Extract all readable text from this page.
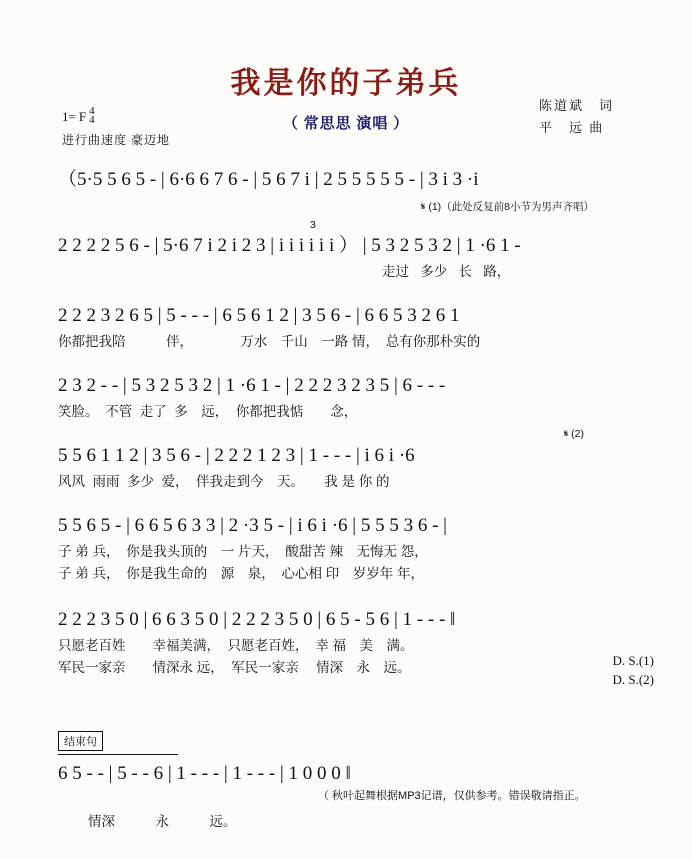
我是你的子弟兵
（ 常思思 演唱 ）
陈道斌　词
平　远 曲
1= F 4
4
进行曲速度 豪迈地
（5·5 5 6 5 - | 6·6 6 7 6 - | 5 6 7 i | 2 5 5 5 5 5 - | 3 i 3 ·i
𝄋 (1)（此处反复前8小节为男声齐唱）
3
2 2 2 2 5 6 - | 5·6 7 i 2 i 2 3 | i i i i i i ） | 5 3 2 5 3 2 | 1 ·6 1 -
　　　　　　　　　　　　　　　　　　　　　　　　走过   多少   长   路，
2 2 2 3 2 6 5 | 5 - - - | 6 5 6 1 2 | 3 5 6 - | 6 6 5 3 2 6 1
你都把我陪　　　伴，　　　　万水　千山　一路 情，　总有你那朴实的
2 3 2 - - | 5 3 2 5 3 2 | 1 ·6 1 - | 2 2 2 3 2 3 5 | 6 - - -
笑脸。　不管  走了  多　远，  你都把我惦　　念，
𝄋 (2)
5 5 6 1 1 2 | 3 5 6 - | 2 2 2 1 2 3 | 1 - - - | i 6 i ·6
风风  雨雨  多少  爱，  伴我走到今　天。　　我 是 你 的
5 5 6 5 - | 6 6 5 6 3 3 | 2 ·3 5 - | i 6 i ·6 | 5 5 5 3 6 - |
子 弟 兵，　你是我头顶的　一 片天，　酸甜苦 辣　无悔无 怨，
子 弟 兵，　你是我生命的　源　泉，　心心相 印　岁岁年 年，
2 2 2 3 5 0 | 6 6 3 5 0 | 2 2 2 3 5 0 | 6 5 - 5 6 | 1 - - - ‖
只愿老百姓　　幸福美满，  只愿老百姓，　幸 福　美　满。
军民一家亲　　情深永 远，  军民一家亲 　情深　永　远。	D. S.(1)
D. S.(2)
结束句
6 5 - - | 5 - - 6 | 1 - - - | 1 - - - | 1 0 0 0 ‖

情深　　　永　　　远。

（ 秋叶起舞根据MP3记谱，仅供参考。错误敬请指正。
